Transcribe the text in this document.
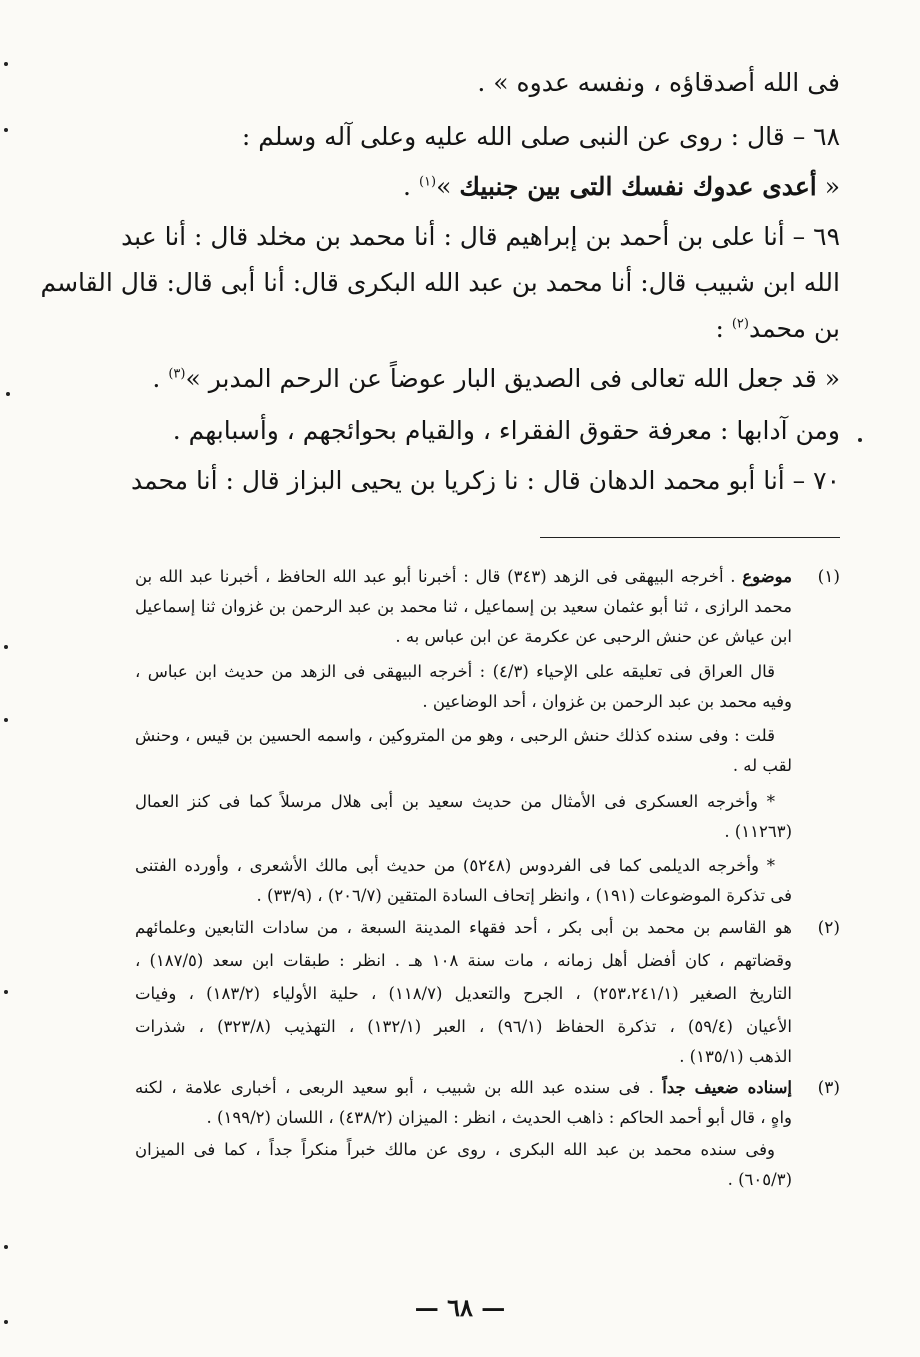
فى الله أصدقاؤه ، ونفسه عدوه » .
٦٨ – قال : روى عن النبى صلى الله عليه وعلى آله وسلم :
« أعدى عدوك نفسك التى بين جنبيك »$^{(١)}$ .
٦٩ – أنا على بن أحمد بن إبراهيم قال : أنا محمد بن مخلد قال : أنا عبد
الله ابن شبيب قال: أنا محمد بن عبد الله البكرى قال: أنا أبى قال: قال القاسم
بن محمد$^{(٢)}$ :
« قد جعل الله تعالى فى الصديق البار عوضاً عن الرحم المدبر »$^{(٣)}$ .
ومن آدابها : معرفة حقوق الفقراء ، والقيام بحوائجهم ، وأسبابهم .
٧٠ – أنا أبو محمد الدهان قال : نا زكريا بن يحيى البزاز قال : أنا محمد
(١)
موضوع . أخرجه البيهقى فى الزهد (٣٤٣) قال : أخبرنا أبو عبد الله الحافظ ، أخبرنا عبد الله بن
محمد الرازى ، ثنا أبو عثمان سعيد بن إسماعيل ، ثنا محمد بن عبد الرحمن بن غزوان ثنا إسماعيل
ابن عياش عن حنش الرحبى عن عكرمة عن ابن عباس به .
قال العراق فى تعليقه على الإحياء (٤/٣) : أخرجه البيهقى فى الزهد من حديث ابن عباس ،
وفيه محمد بن عبد الرحمن بن غزوان ، أحد الوضاعين .
قلت : وفى سنده كذلك حنش الرحبى ، وهو من المتروكين ، واسمه الحسين بن قيس ، وحنش
لقب له .
* وأخرجه العسكرى فى الأمثال من حديث سعيد بن أبى هلال مرسلاً كما فى كنز العمال
(١١٢٦٣) .
* وأخرجه الديلمى كما فى الفردوس (٥٢٤٨) من حديث أبى مالك الأشعرى ، وأورده الفتنى
فى تذكرة الموضوعات (١٩١) ، وانظر إتحاف السادة المتقين (٢٠٦/٧) ، (٣٣/٩) .
(٢)
هو القاسم بن محمد بن أبى بكر ، أحد فقهاء المدينة السبعة ، من سادات التابعين وعلمائهم
وقضاتهم ، كان أفضل أهل زمانه ، مات سنة ١٠٨ هـ . انظر : طبقات ابن سعد (١٨٧/٥) ،
التاريخ الصغير (٢٥٣،٢٤١/١) ، الجرح والتعديل (١١٨/٧) ، حلية الأولياء (١٨٣/٢) ، وفيات
الأعيان (٥٩/٤) ، تذكرة الحفاظ (٩٦/١) ، العبر (١٣٢/١) ، التهذيب (٣٢٣/٨) ، شذرات
الذهب (١٣٥/١) .
(٣)
إسناده ضعيف جداً . فى سنده عبد الله بن شبيب ، أبو سعيد الربعى ، أخبارى علامة ، لكنه
واهٍ ، قال أبو أحمد الحاكم : ذاهب الحديث ، انظر : الميزان (٤٣٨/٢) ، اللسان (١٩٩/٢) .
وفى سنده محمد بن عبد الله البكرى ، روى عن مالك خبراً منكراً جداً ، كما فى الميزان
(٦٠٥/٣) .
— ٦٨ —
